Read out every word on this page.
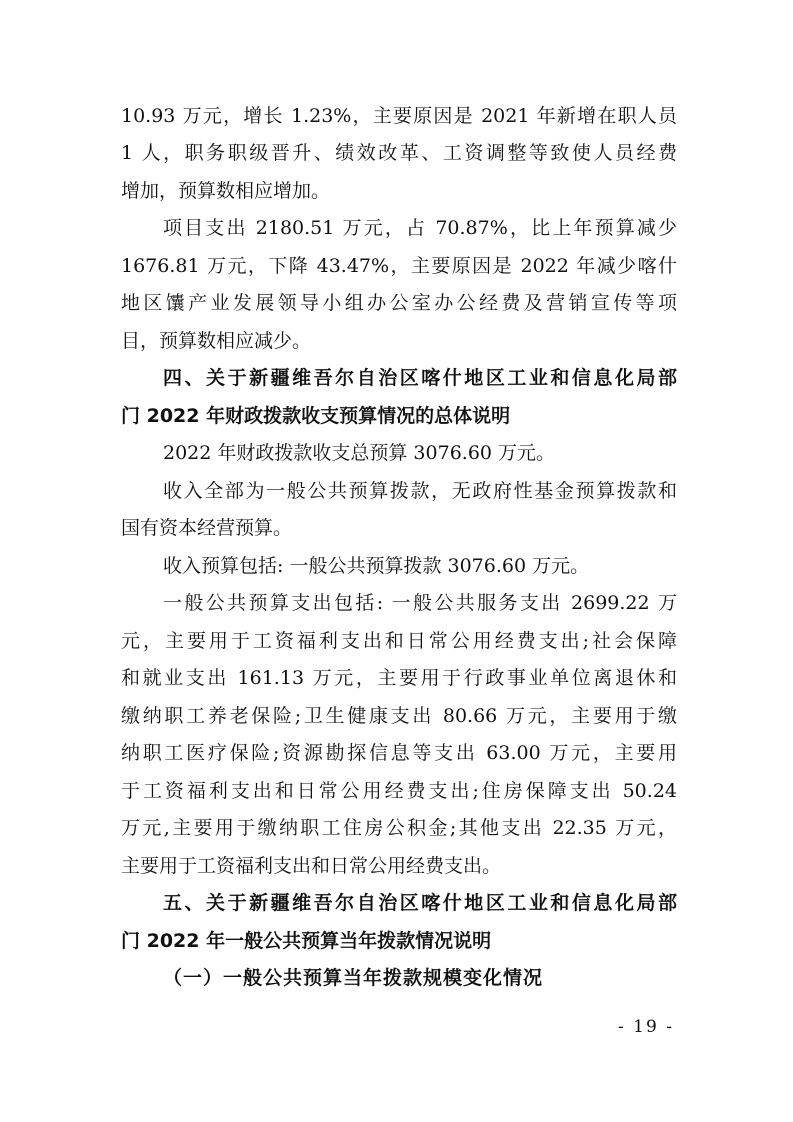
10.93 万元，增长 1.23%，主要原因是 2021 年新增在职人员
1 人，职务职级晋升、绩效改革、工资调整等致使人员经费
增加，预算数相应增加。
项目支出 2180.51 万元，占 70.87%，比上年预算减少
1676.81 万元，下降 43.47%，主要原因是 2022 年减少喀什
地区馕产业发展领导小组办公室办公经费及营销宣传等项
目，预算数相应减少。
四、关于新疆维吾尔自治区喀什地区工业和信息化局部
门 2022 年财政拨款收支预算情况的总体说明
2022 年财政拨款收支总预算 3076.60 万元。
收入全部为一般公共预算拨款，无政府性基金预算拨款和
国有资本经营预算。
收入预算包括: 一般公共预算拨款 3076.60 万元。
一般公共预算支出包括: 一般公共服务支出 2699.22 万
元，主要用于工资福利支出和日常公用经费支出;社会保障
和就业支出 161.13 万元，主要用于行政事业单位离退休和
缴纳职工养老保险;卫生健康支出 80.66 万元，主要用于缴
纳职工医疗保险;资源勘探信息等支出 63.00 万元，主要用
于工资福利支出和日常公用经费支出;住房保障支出 50.24
万元,主要用于缴纳职工住房公积金;其他支出 22.35 万元，
主要用于工资福利支出和日常公用经费支出。
五、关于新疆维吾尔自治区喀什地区工业和信息化局部
门 2022 年一般公共预算当年拨款情况说明
（一）一般公共预算当年拨款规模变化情况
- 19 -
